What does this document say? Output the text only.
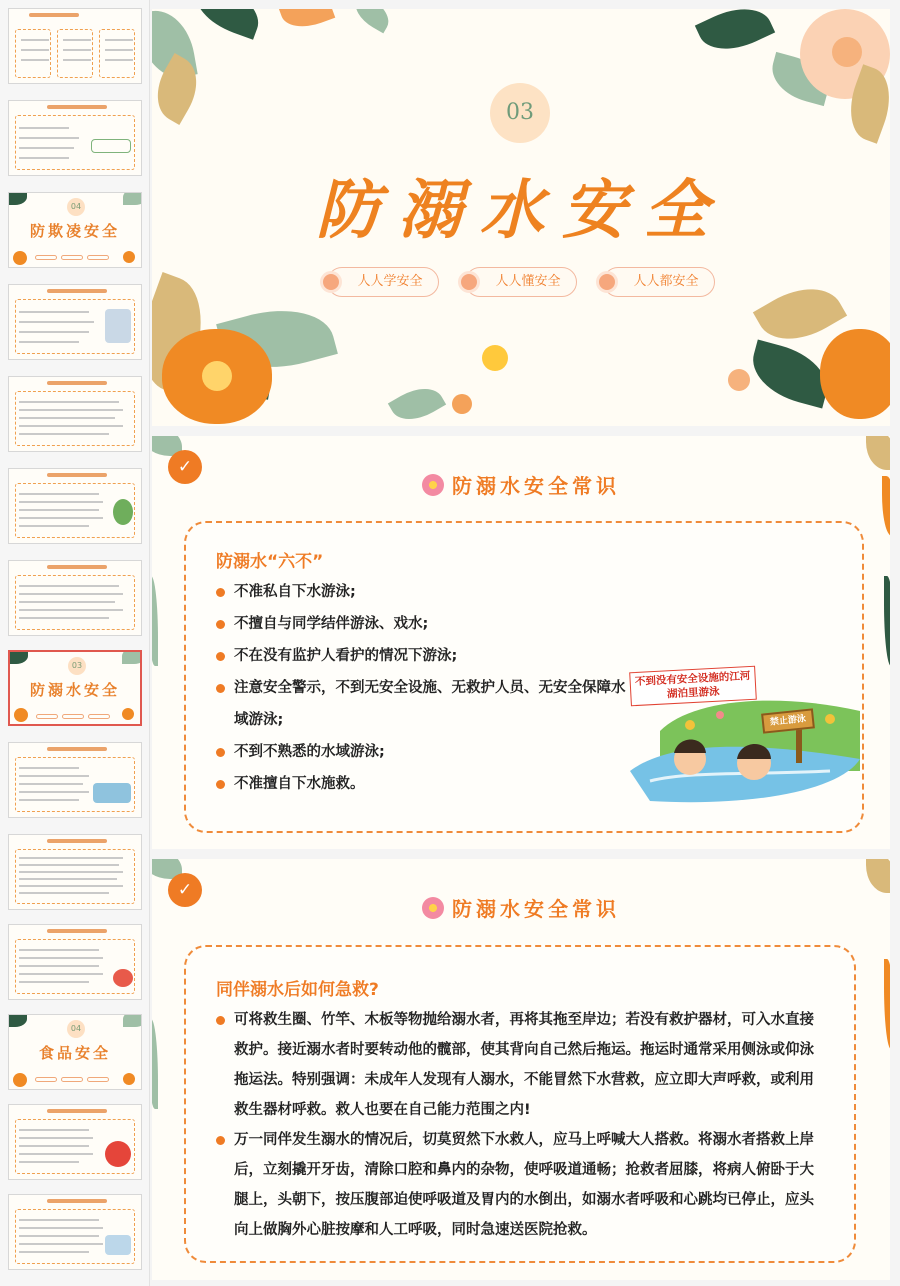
04
防欺凌安全
03
防溺水安全
04
食品安全
03
防溺水安全
人人学安全	人人懂安全	人人都安全
✓
防溺水安全常识
防溺水“六不”
不准私自下水游泳;
不擅自与同学结伴游泳、戏水;
不在没有监护人看护的情况下游泳;
注意安全警示，不到无安全设施、无救护人员、无安全保障水域游泳;
不到不熟悉的水域游泳;
不准擅自下水施救。
不到没有安全设施的江河湖泊里游泳
禁止游泳
✓
防溺水安全常识
同伴溺水后如何急救?
可将救生圈、竹竿、木板等物抛给溺水者，再将其拖至岸边；若没有救护器材，可入水直接救护。接近溺水者时要转动他的髋部，使其背向自己然后拖运。拖运时通常采用侧泳或仰泳拖运法。特别强调：未成年人发现有人溺水，不能冒然下水营救，应立即大声呼救，或利用救生器材呼救。救人也要在自己能力范围之内!
万一同伴发生溺水的情况后，切莫贸然下水救人，应马上呼喊大人搭救。将溺水者搭救上岸后，立刻撬开牙齿，清除口腔和鼻内的杂物，使呼吸道通畅；抢救者屈膝，将病人俯卧于大腿上，头朝下，按压腹部迫使呼吸道及胃内的水倒出，如溺水者呼吸和心跳均已停止，应头向上做胸外心脏按摩和人工呼吸，同时急速送医院抢救。
